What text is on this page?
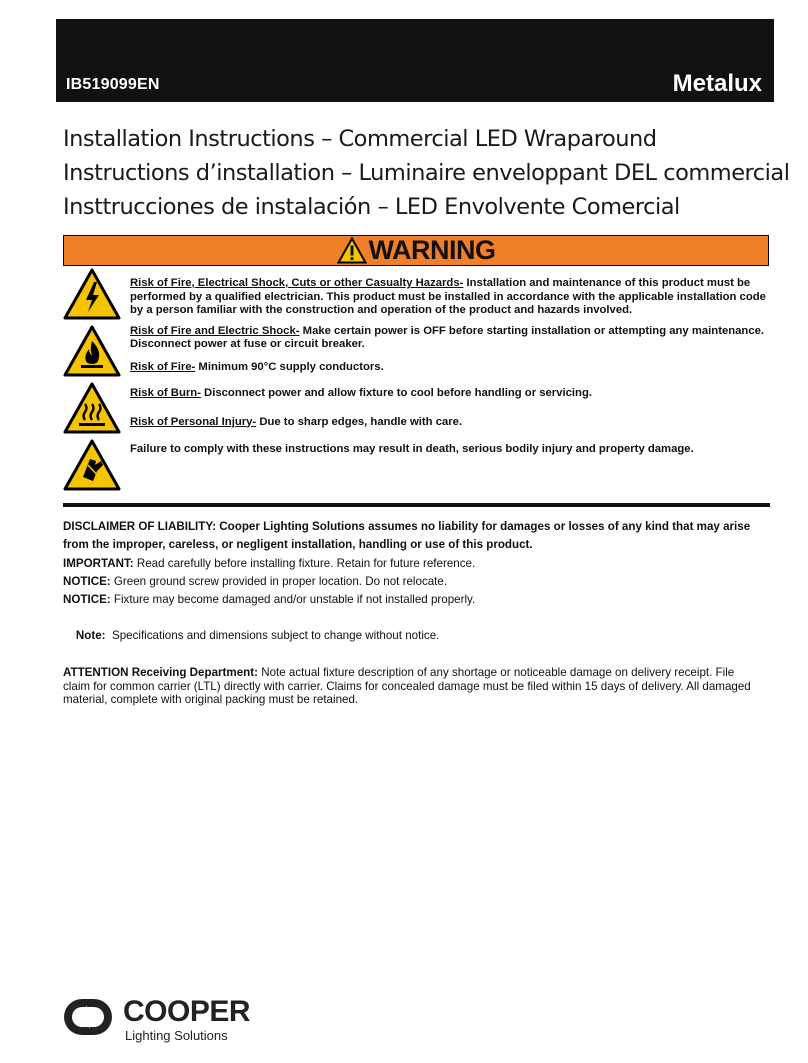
IB519099EN	Metalux
Installation Instructions – Commercial LED Wraparound
Instructions d’installation – Luminaire enveloppant DEL commercial
Insttrucciones de instalación – LED Envolvente Comercial
WARNING

Risk of Fire, Electrical Shock, Cuts or other Casualty Hazards- Installation and maintenance of this product must be performed by a qualified electrician. This product must be installed in accordance with the applicable installation code by a person familiar with the construction and operation of the product and hazards involved.

Risk of Fire and Electric Shock- Make certain power is OFF before starting installation or attempting any maintenance. Disconnect power at fuse or circuit breaker.

Risk of Fire- Minimum 90°C supply conductors.

Risk of Burn- Disconnect power and allow fixture to cool before handling or servicing.

Risk of Personal Injury- Due to sharp edges, handle with care.

Failure to comply with these instructions may result in death, serious bodily injury and property damage.

DISCLAIMER OF LIABILITY: Cooper Lighting Solutions assumes no liability for damages or losses of any kind that may arise from the improper, careless, or negligent installation, handling or use of this product.

IMPORTANT: Read carefully before installing fixture. Retain for future reference.

NOTICE: Green ground screw provided in proper location. Do not relocate.

NOTICE: Fixture may become damaged and/or unstable if not installed properly.

Note:  Specifications and dimensions subject to change without notice.

ATTENTION Receiving Department: Note actual fixture description of any shortage or noticeable damage on delivery receipt. File claim for common carrier (LTL) directly with carrier. Claims for concealed damage must be filed within 15 days of delivery. All damaged material, complete with original packing must be retained.

COOPER
Lighting Solutions
